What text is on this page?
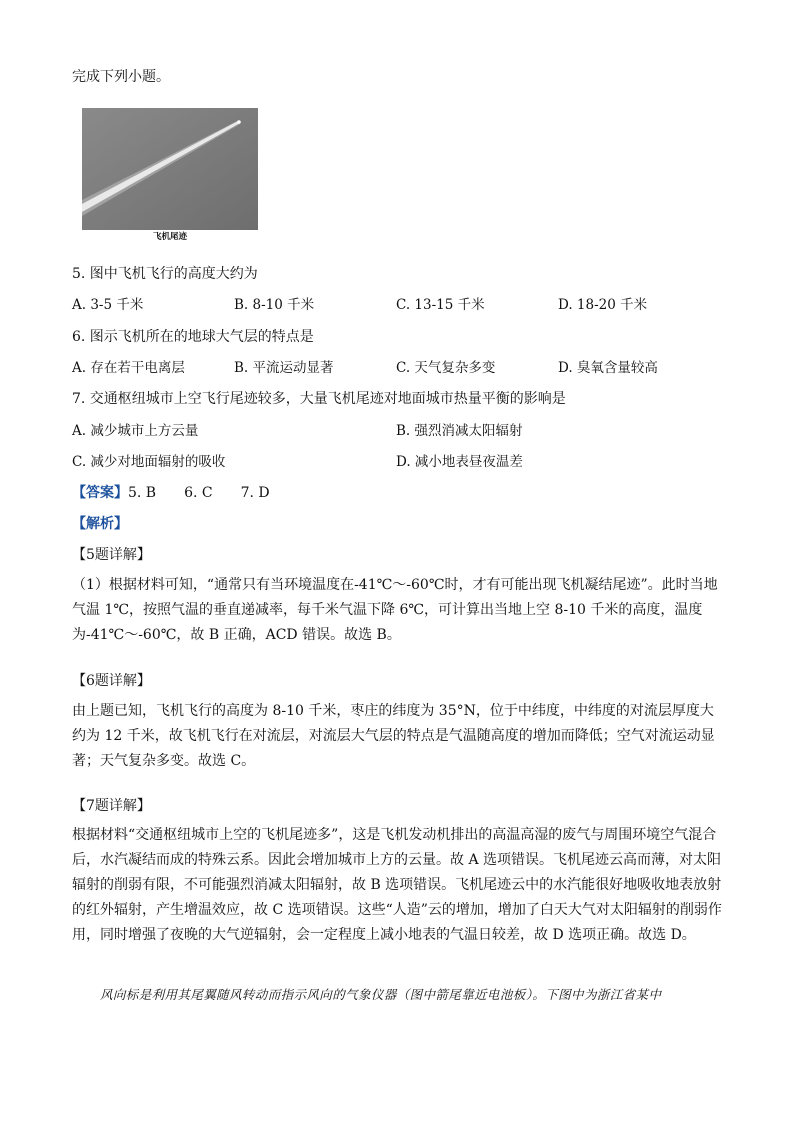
完成下列小题。
飞机尾迹
5. 图中飞机飞行的高度大约为
A. 3-5 千米	B. 8-10 千米	C. 13-15 千米	D. 18-20 千米
6. 图示飞机所在的地球大气层的特点是
A. 存在若干电离层	B. 平流运动显著	C. 天气复杂多变	D. 臭氧含量较高
7. 交通枢纽城市上空飞行尾迹较多，大量飞机尾迹对地面城市热量平衡的影响是
A. 减少城市上方云量	B. 强烈消减太阳辐射
C. 减少对地面辐射的吸收	D. 减小地表昼夜温差
【答案】5. B　　6. C　　7. D
【解析】
【5题详解】
（1）根据材料可知，“通常只有当环境温度在-41℃～-60℃时，才有可能出现飞机凝结尾迹”。此时当地气温 1℃，按照气温的垂直递减率，每千米气温下降 6℃，可计算出当地上空 8-10 千米的高度，温度为-41℃～-60℃，故 B 正确，ACD 错误。故选 B。
【6题详解】
由上题已知，飞机飞行的高度为 8-10 千米，枣庄的纬度为 35°N，位于中纬度，中纬度的对流层厚度大约为 12 千米，故飞机飞行在对流层，对流层大气层的特点是气温随高度的增加而降低；空气对流运动显著；天气复杂多变。故选 C。
【7题详解】
根据材料“交通枢纽城市上空的飞机尾迹多”，这是飞机发动机排出的高温高湿的废气与周围环境空气混合后，水汽凝结而成的特殊云系。因此会增加城市上方的云量。故 A 选项错误。飞机尾迹云高而薄，对太阳辐射的削弱有限，不可能强烈消减太阳辐射，故 B 选项错误。飞机尾迹云中的水汽能很好地吸收地表放射的红外辐射，产生增温效应，故 C 选项错误。这些“人造”云的增加，增加了白天大气对太阳辐射的削弱作用，同时增强了夜晚的大气逆辐射，会一定程度上减小地表的气温日较差，故 D 选项正确。故选 D。
风向标是利用其尾翼随风转动而指示风向的气象仪器（图中箭尾靠近电池板）。下图中为浙江省某中
